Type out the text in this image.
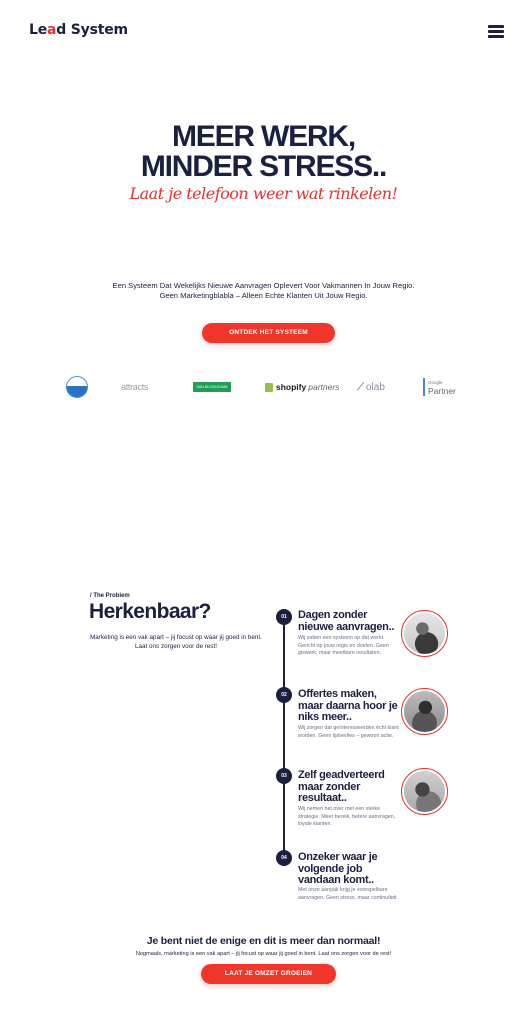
Lead System
MEER WERK,
MINDER STRESS..
Laat je telefoon weer wat rinkelen!
Een Systeem Dat Wekelijks Nieuwe Aanvragen Oplevert Voor Vakmannen In Jouw Regio.
Geen Marketingblabla – Alleen Echte Klanten Uit Jouw Regio.
ONTDEK HET SYSTEEM
attracts	SAN BLOCKCHAIN SELLA
shopify partners ⟋ olab	Google
Partner
/ The Problem
Herkenbaar?
Marketing is een vak apart – jij focust op waar jij goed in bent. Laat ons zorgen voor de rest!
01	Dagen zonder nieuwe aanvragen..
Wij zetten een systeem op dat werkt. Gericht op jouw regio en doelen. Geen giswerk, maar meetbare resultaten.
02	Offertes maken, maar daarna hoor je niks meer..
Wij zorgen dat geïnteresseerden écht klant worden. Geen tijdverlies – gewoon actie.
03	Zelf geadverteerd maar zonder resultaat..
Wij nemen het over met een sterke strategie. Meer bereik, betere aanvragen, loyale klanten.
04	Onzeker waar je volgende job vandaan komt..
Met onze aanpak krijg je voorspelbare aanvragen. Geen stress, maar continuïteit.
Je bent niet de enige en dit is meer dan normaal!
Nogmaals, marketing is een vak apart – jij focust op waar jij goed in bent. Laat ons zorgen voor de rest!
LAAT JE OMZET GROEIEN
